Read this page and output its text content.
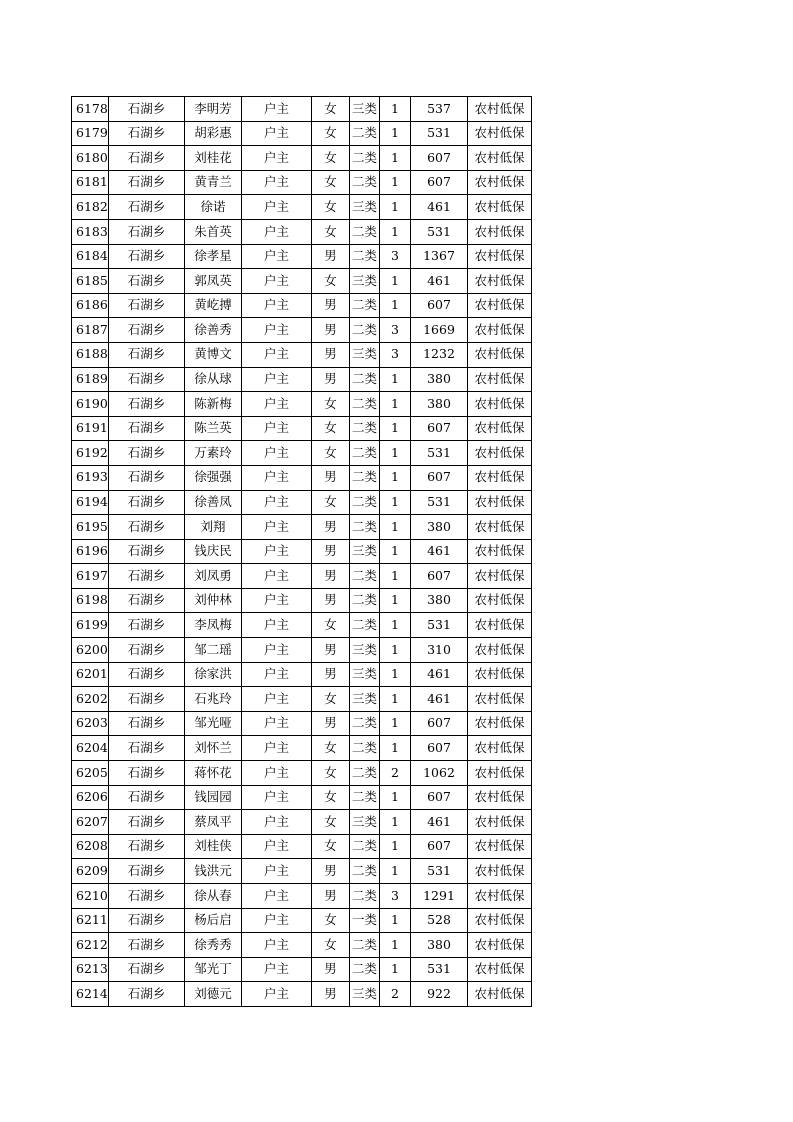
6178	石湖乡	李明芳	户主	女	三类	1	537	农村低保
6179	石湖乡	胡彩惠	户主	女	二类	1	531	农村低保
6180	石湖乡	刘桂花	户主	女	二类	1	607	农村低保
6181	石湖乡	黄青兰	户主	女	二类	1	607	农村低保
6182	石湖乡	徐诺	户主	女	三类	1	461	农村低保
6183	石湖乡	朱首英	户主	女	二类	1	531	农村低保
6184	石湖乡	徐孝星	户主	男	二类	3	1367	农村低保
6185	石湖乡	郭凤英	户主	女	三类	1	461	农村低保
6186	石湖乡	黄屹搏	户主	男	二类	1	607	农村低保
6187	石湖乡	徐善秀	户主	男	二类	3	1669	农村低保
6188	石湖乡	黄博文	户主	男	三类	3	1232	农村低保
6189	石湖乡	徐从球	户主	男	二类	1	380	农村低保
6190	石湖乡	陈新梅	户主	女	二类	1	380	农村低保
6191	石湖乡	陈兰英	户主	女	二类	1	607	农村低保
6192	石湖乡	万素玲	户主	女	二类	1	531	农村低保
6193	石湖乡	徐强强	户主	男	二类	1	607	农村低保
6194	石湖乡	徐善凤	户主	女	二类	1	531	农村低保
6195	石湖乡	刘翔	户主	男	二类	1	380	农村低保
6196	石湖乡	钱庆民	户主	男	三类	1	461	农村低保
6197	石湖乡	刘凤勇	户主	男	二类	1	607	农村低保
6198	石湖乡	刘仲林	户主	男	二类	1	380	农村低保
6199	石湖乡	李凤梅	户主	女	二类	1	531	农村低保
6200	石湖乡	邹二瑶	户主	男	三类	1	310	农村低保
6201	石湖乡	徐家洪	户主	男	三类	1	461	农村低保
6202	石湖乡	石兆玲	户主	女	三类	1	461	农村低保
6203	石湖乡	邹光哑	户主	男	二类	1	607	农村低保
6204	石湖乡	刘怀兰	户主	女	二类	1	607	农村低保
6205	石湖乡	蒋怀花	户主	女	二类	2	1062	农村低保
6206	石湖乡	钱园园	户主	女	二类	1	607	农村低保
6207	石湖乡	蔡凤平	户主	女	三类	1	461	农村低保
6208	石湖乡	刘桂侠	户主	女	二类	1	607	农村低保
6209	石湖乡	钱洪元	户主	男	二类	1	531	农村低保
6210	石湖乡	徐从春	户主	男	二类	3	1291	农村低保
6211	石湖乡	杨后启	户主	女	一类	1	528	农村低保
6212	石湖乡	徐秀秀	户主	女	二类	1	380	农村低保
6213	石湖乡	邹光丁	户主	男	二类	1	531	农村低保
6214	石湖乡	刘德元	户主	男	三类	2	922	农村低保
